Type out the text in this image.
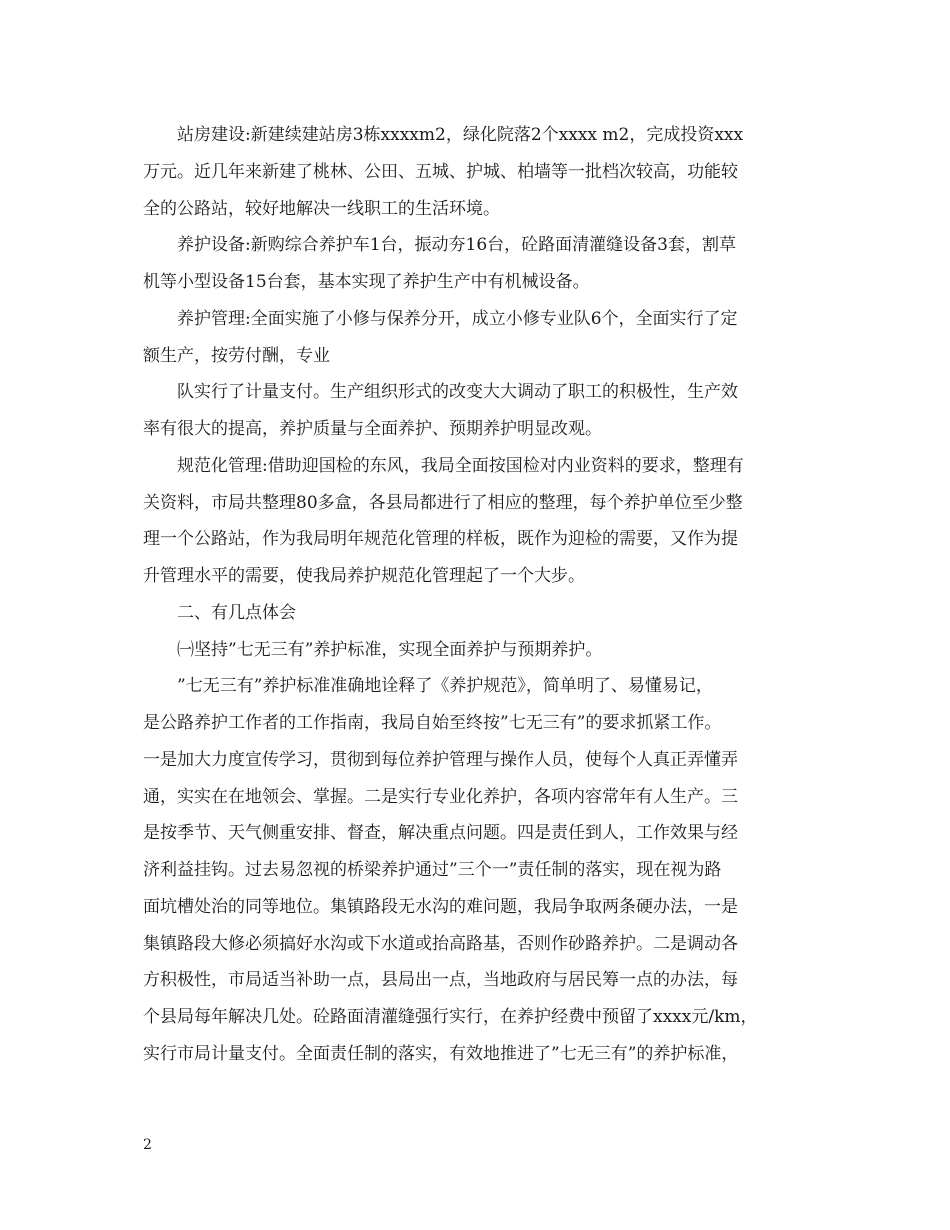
站房建设:新建续建站房3栋xxxxm2，绿化院落2个xxxx m2，完成投资xxx
万元。近几年来新建了桃林、公田、五城、护城、柏墙等一批档次较高，功能较
全的公路站，较好地解决一线职工的生活环境。
养护设备:新购综合养护车1台，振动夯16台，砼路面清灌缝设备3套，割草
机等小型设备15台套，基本实现了养护生产中有机械设备。
养护管理:全面实施了小修与保养分开，成立小修专业队6个，全面实行了定
额生产，按劳付酬，专业
队实行了计量支付。生产组织形式的改变大大调动了职工的积极性，生产效
率有很大的提高，养护质量与全面养护、预期养护明显改观。
规范化管理:借助迎国检的东风，我局全面按国检对内业资料的要求，整理有
关资料，市局共整理80多盒，各县局都进行了相应的整理，每个养护单位至少整
理一个公路站，作为我局明年规范化管理的样板，既作为迎检的需要，又作为提
升管理水平的需要，使我局养护规范化管理起了一个大步。
二、有几点体会
㈠坚持”七无三有”养护标准，实现全面养护与预期养护。
”七无三有”养护标准准确地诠释了《养护规范》，简单明了、易懂易记，
是公路养护工作者的工作指南，我局自始至终按”七无三有”的要求抓紧工作。
一是加大力度宣传学习，贯彻到每位养护管理与操作人员，使每个人真正弄懂弄
通，实实在在地领会、掌握。二是实行专业化养护，各项内容常年有人生产。三
是按季节、天气侧重安排、督查，解决重点问题。四是责任到人，工作效果与经
济利益挂钩。过去易忽视的桥梁养护通过”三个一”责任制的落实，现在视为路
面坑槽处治的同等地位。集镇路段无水沟的难问题，我局争取两条硬办法，一是
集镇路段大修必须搞好水沟或下水道或抬高路基，否则作砂路养护。二是调动各
方积极性，市局适当补助一点，县局出一点，当地政府与居民筹一点的办法，每
个县局每年解决几处。砼路面清灌缝强行实行，在养护经费中预留了xxxx元/km，
实行市局计量支付。全面责任制的落实，有效地推进了”七无三有”的养护标准，
2
